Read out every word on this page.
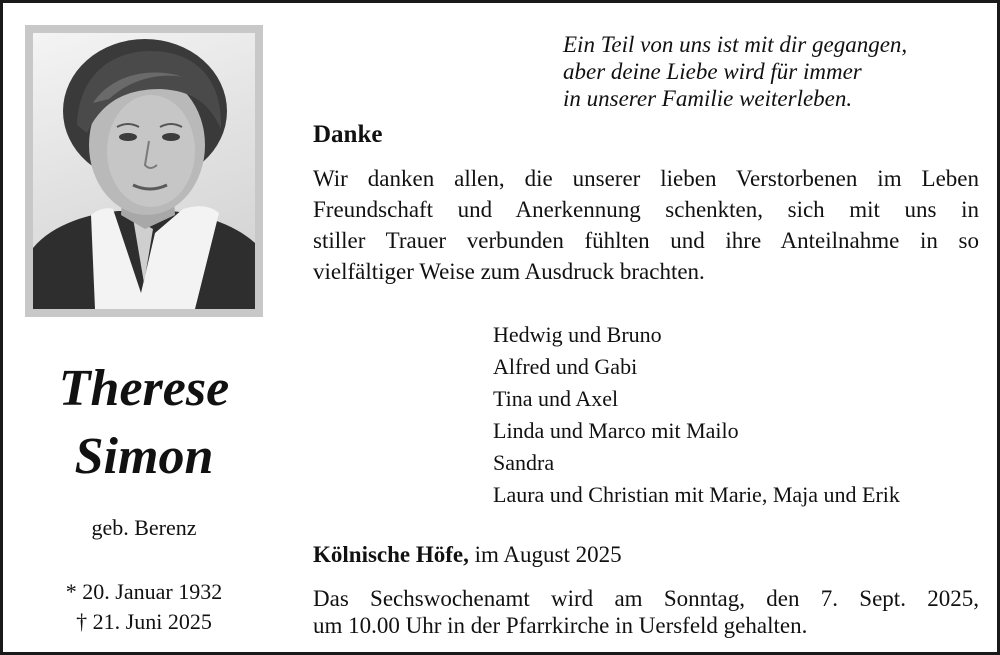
Therese
Simon
geb. Berenz
* 20. Januar 1932
† 21. Juni 2025
Ein Teil von uns ist mit dir gegangen,
aber deine Liebe wird für immer
in unserer Familie weiterleben.
Danke
Wir danken allen, die unserer lieben Verstorbenen im Leben
Freundschaft und Anerkennung schenkten, sich mit uns in
stiller Trauer verbunden fühlten und ihre Anteilnahme in so
vielfältiger Weise zum Ausdruck brachten.
Hedwig und Bruno
Alfred und Gabi
Tina und Axel
Linda und Marco mit Mailo
Sandra
Laura und Christian mit Marie, Maja und Erik
Kölnische Höfe, im August 2025
Das Sechswochenamt wird am Sonntag, den 7. Sept. 2025,
um 10.00 Uhr in der Pfarrkirche in Uersfeld gehalten.
